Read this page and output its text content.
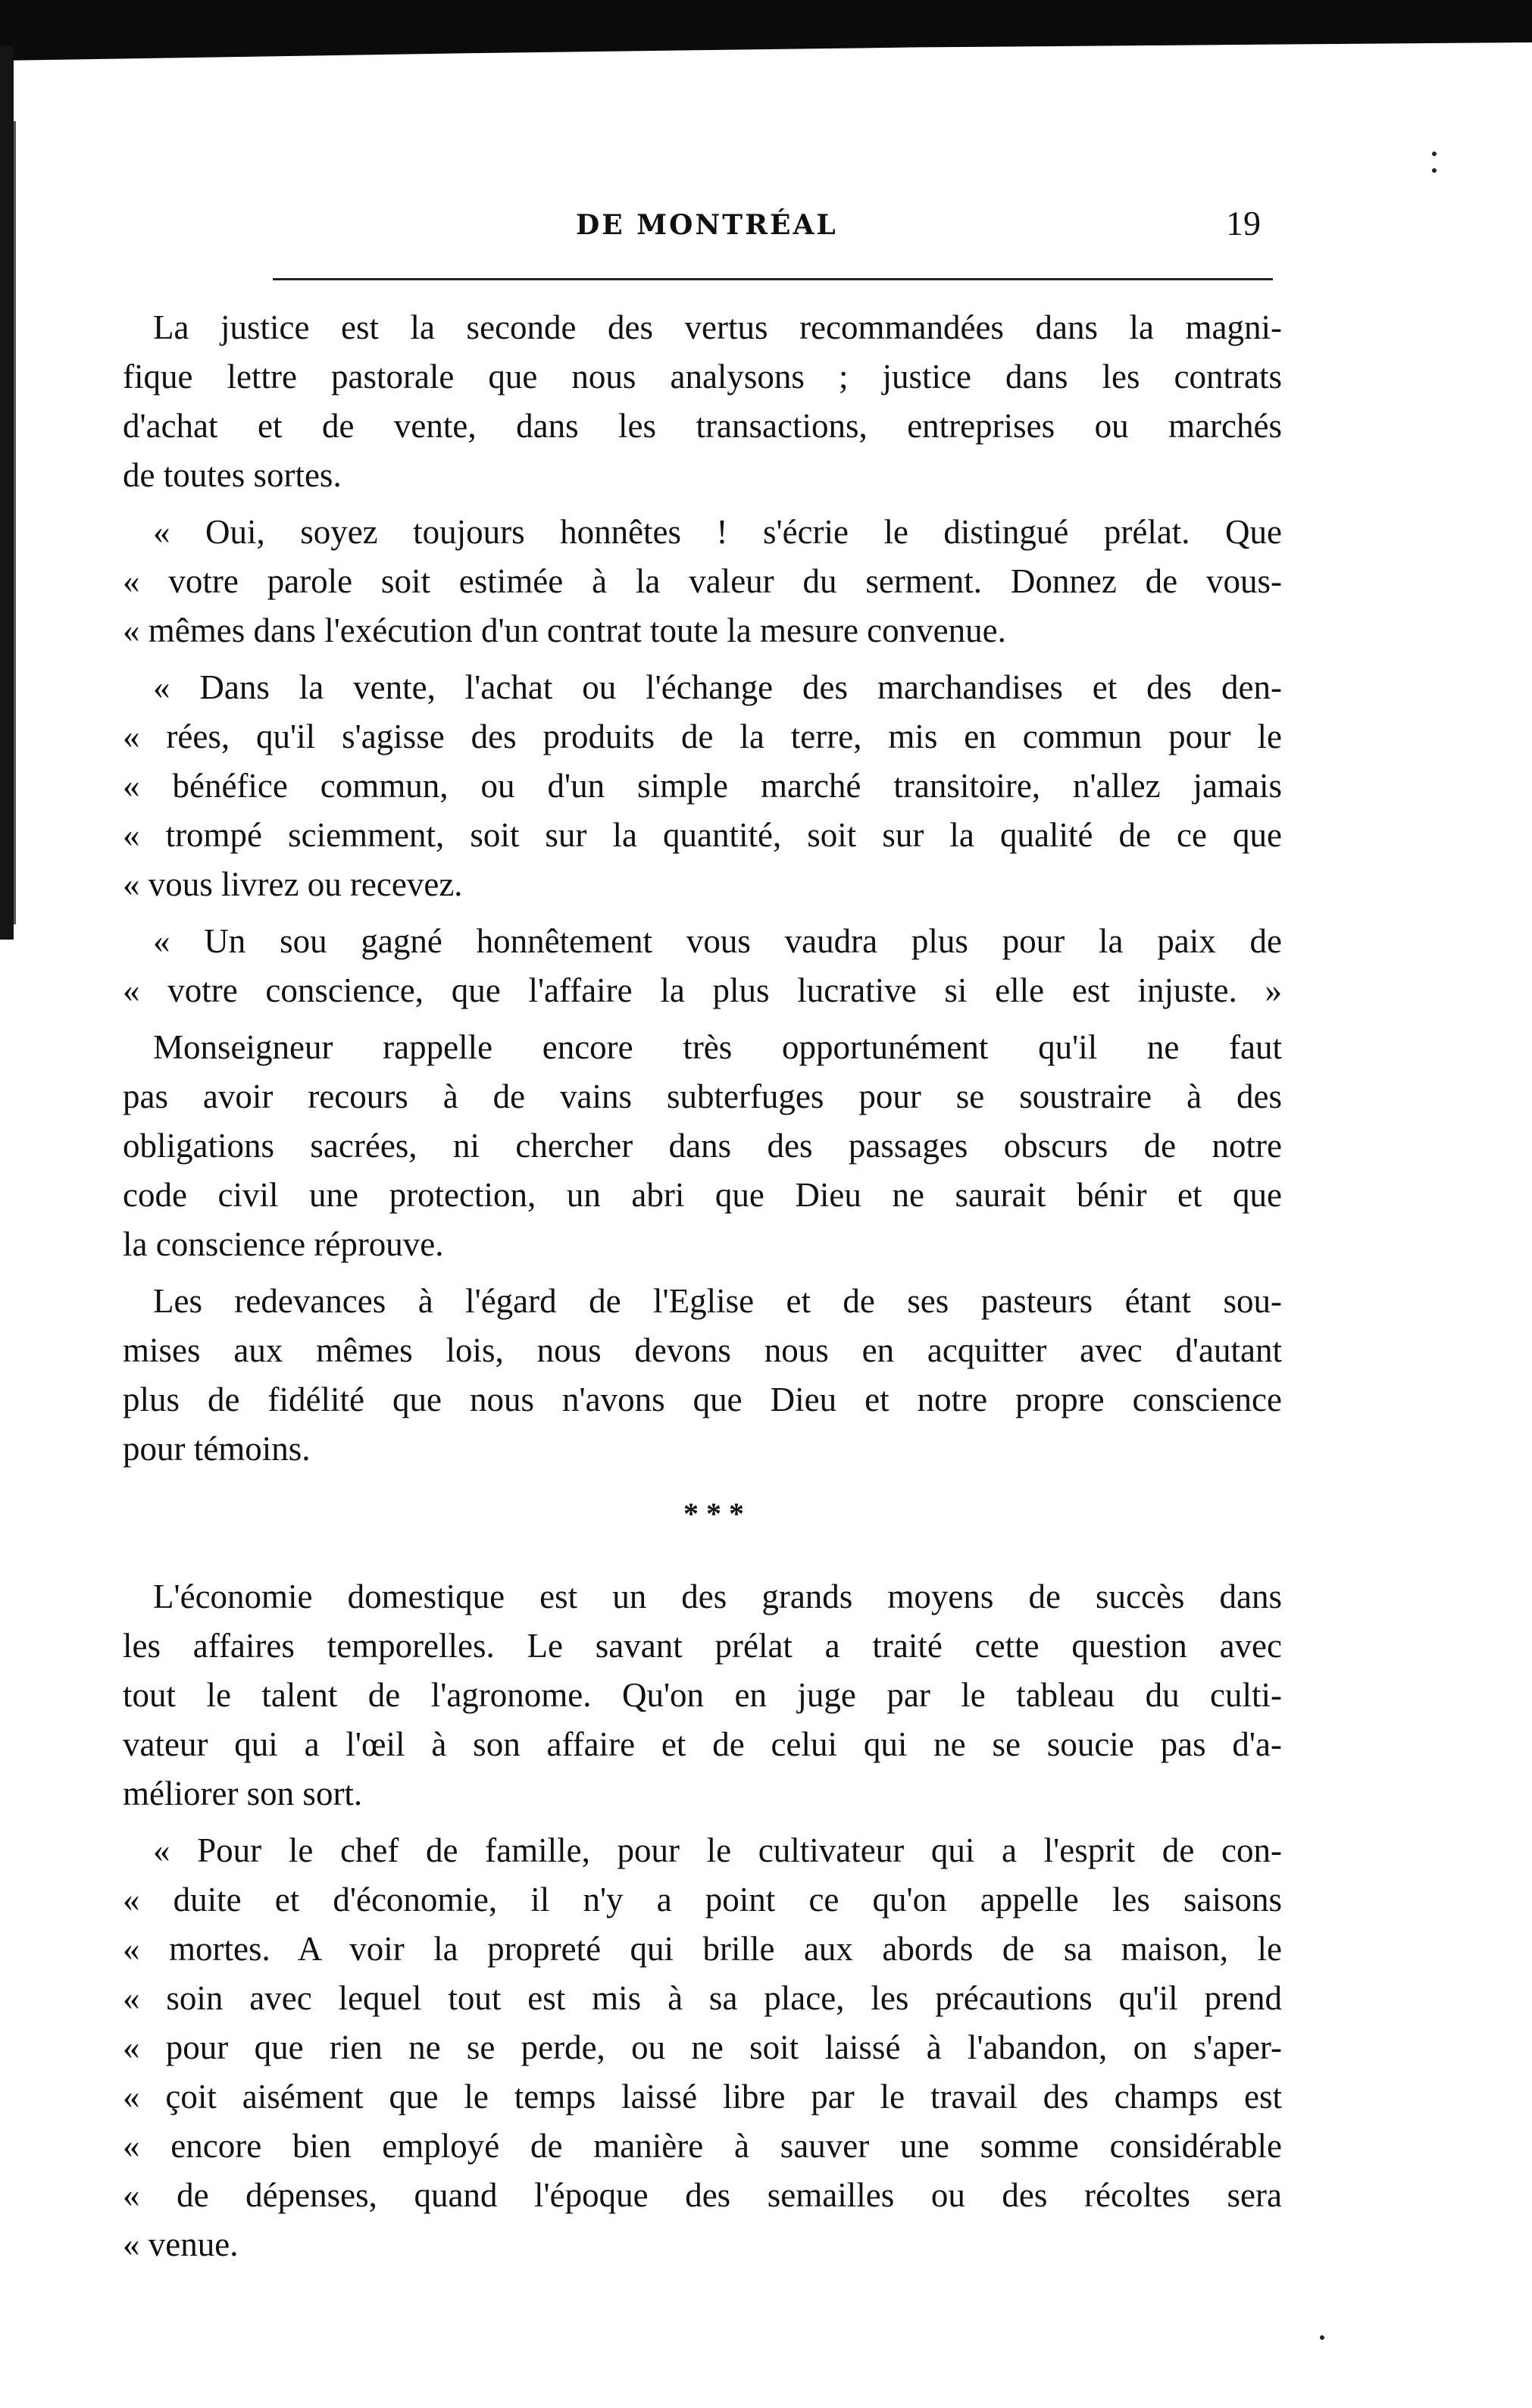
DE MONTRÉAL	19
La justice est la seconde des vertus recommandées dans la magni-
fique lettre pastorale que nous analysons ; justice dans les contrats
d'achat et de vente, dans les transactions, entreprises ou marchés
de toutes sortes.
« Oui, soyez toujours honnêtes ! s'écrie le distingué prélat. Que
« votre parole soit estimée à la valeur du serment. Donnez de vous-
« mêmes dans l'exécution d'un contrat toute la mesure convenue.
« Dans la vente, l'achat ou l'échange des marchandises et des den-
« rées, qu'il s'agisse des produits de la terre, mis en commun pour le
« bénéfice commun, ou d'un simple marché transitoire, n'allez jamais
« trompé sciemment, soit sur la quantité, soit sur la qualité de ce que
« vous livrez ou recevez.
« Un sou gagné honnêtement vous vaudra plus pour la paix de
« votre conscience, que l'affaire la plus lucrative si elle est injuste. »
Monseigneur rappelle encore très opportunément qu'il ne faut
pas avoir recours à de vains subterfuges pour se soustraire à des
obligations sacrées, ni chercher dans des passages obscurs de notre
code civil une protection, un abri que Dieu ne saurait bénir et que
la conscience réprouve.
Les redevances à l'égard de l'Eglise et de ses pasteurs étant sou-
mises aux mêmes lois, nous devons nous en acquitter avec d'autant
plus de fidélité que nous n'avons que Dieu et notre propre conscience
pour témoins.
* * *
L'économie domestique est un des grands moyens de succès dans
les affaires temporelles. Le savant prélat a traité cette question avec
tout le talent de l'agronome. Qu'on en juge par le tableau du culti-
vateur qui a l'œil à son affaire et de celui qui ne se soucie pas d'a-
méliorer son sort.
« Pour le chef de famille, pour le cultivateur qui a l'esprit de con-
« duite et d'économie, il n'y a point ce qu'on appelle les saisons
« mortes. A voir la propreté qui brille aux abords de sa maison, le
« soin avec lequel tout est mis à sa place, les précautions qu'il prend
« pour que rien ne se perde, ou ne soit laissé à l'abandon, on s'aper-
« çoit aisément que le temps laissé libre par le travail des champs est
« encore bien employé de manière à sauver une somme considérable
« de dépenses, quand l'époque des semailles ou des récoltes sera
« venue.
